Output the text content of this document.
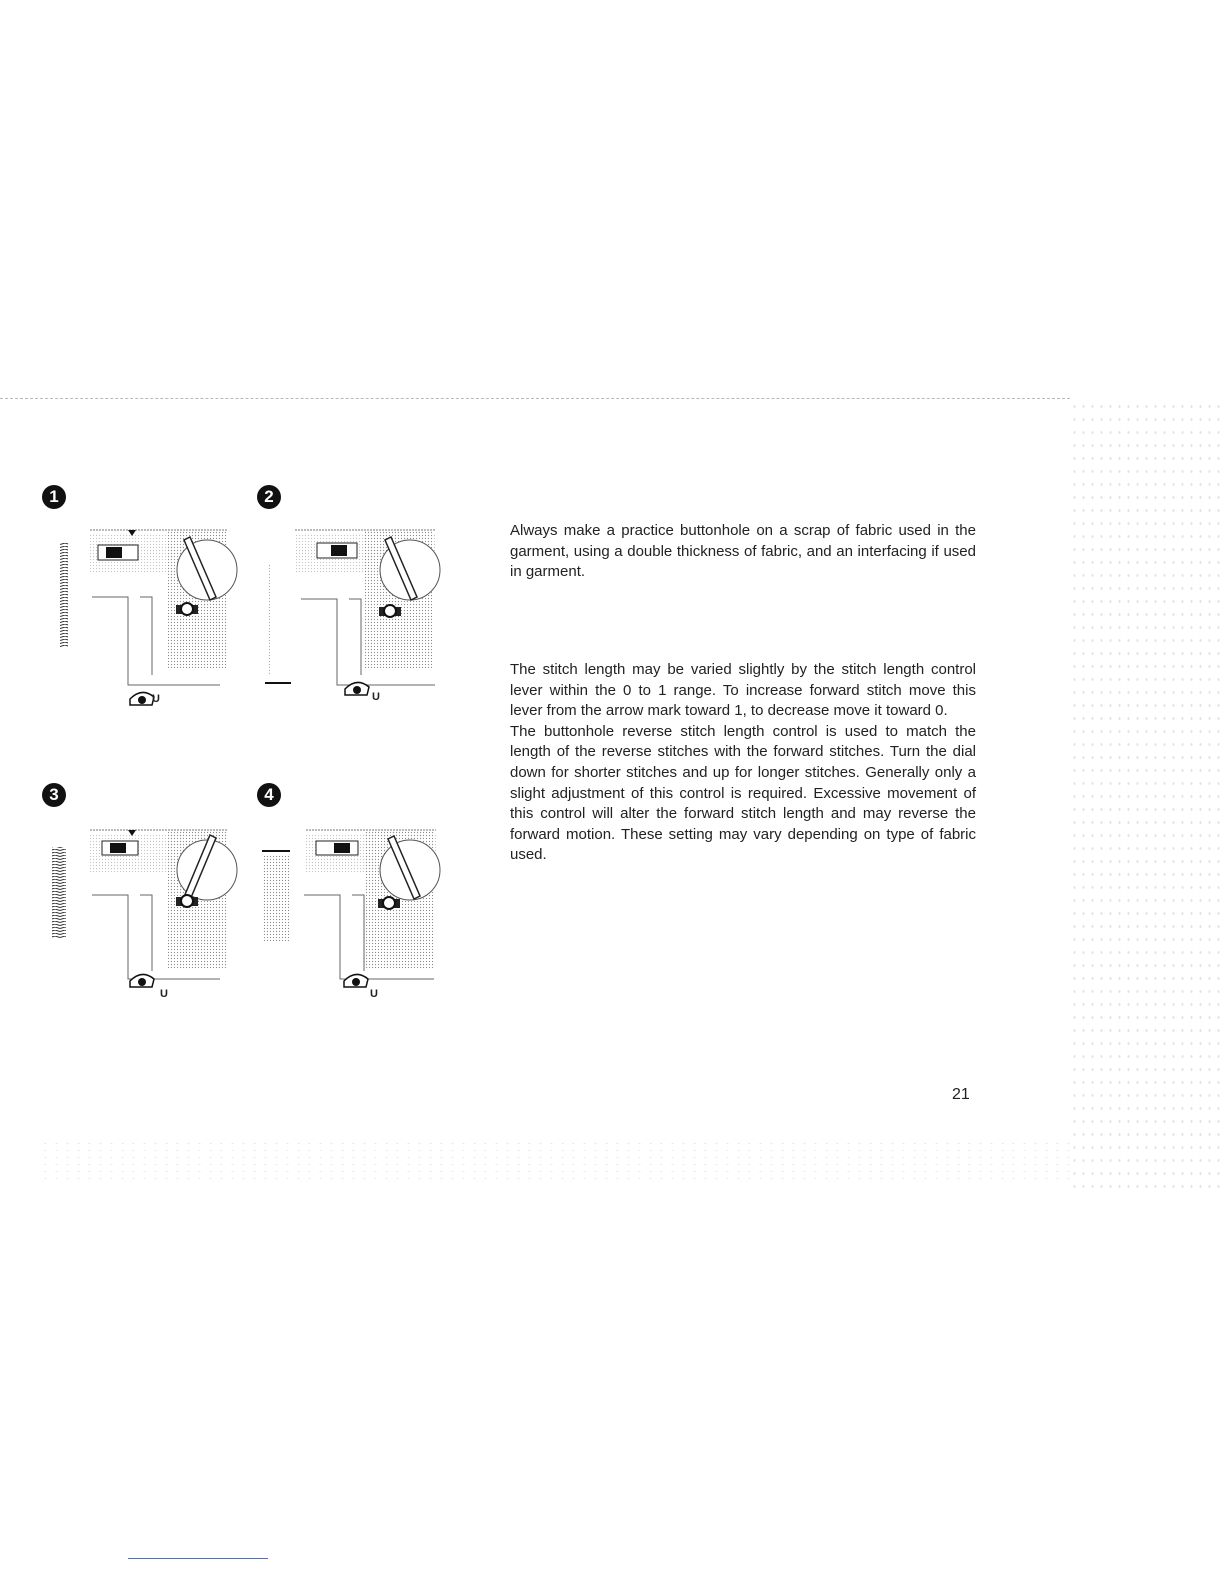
1
U
2
U
3
U
4
U

Always make a practice buttonhole on a scrap of fabric used in the garment, using a double thickness of fabric, and an interfacing if used in garment.

The stitch length may be varied slightly by the stitch length control lever within the 0 to 1 range. To increase forward stitch move this lever from the arrow mark toward 1, to decrease move it toward 0.

The buttonhole reverse stitch length control is used to match the length of the reverse stitches with the forward stitches. Turn the dial down for shorter stitches and up for longer stitches. Generally only a slight adjustment of this control is required. Excessive movement of this control will alter the forward stitch length and may reverse the forward motion. These setting may vary depending on type of fabric used.

21
